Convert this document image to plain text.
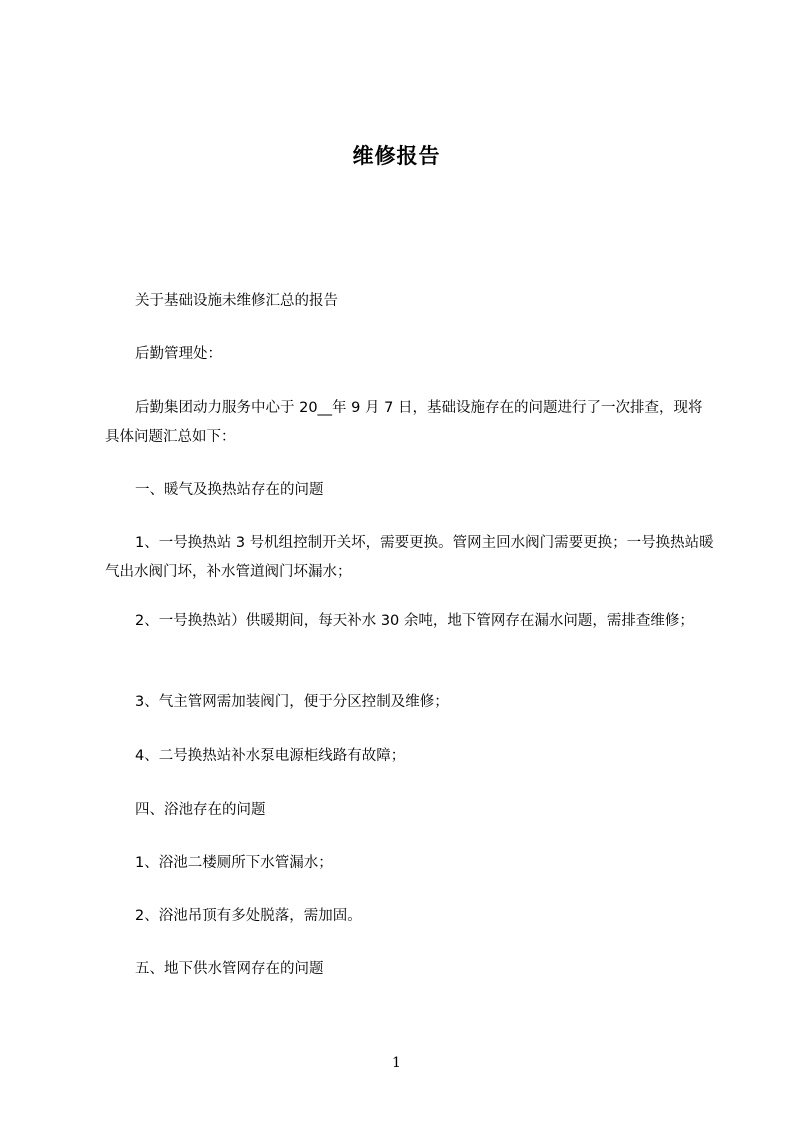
维修报告
关于基础设施未维修汇总的报告
后勤管理处：
后勤集团动力服务中心于 20__年 9 月 7 日，基础设施存在的问题进行了一次排查，现将具体问题汇总如下：
一、暖气及换热站存在的问题
1、一号换热站 3 号机组控制开关坏，需要更换。管网主回水阀门需要更换；一号换热站暖气出水阀门坏，补水管道阀门坏漏水；
2、一号换热站）供暖期间，每天补水 30 余吨，地下管网存在漏水问题，需排查维修；
3、气主管网需加装阀门，便于分区控制及维修；
4、二号换热站补水泵电源柜线路有故障；
四、浴池存在的问题
1、浴池二楼厕所下水管漏水；
2、浴池吊顶有多处脱落，需加固。
五、地下供水管网存在的问题
1
